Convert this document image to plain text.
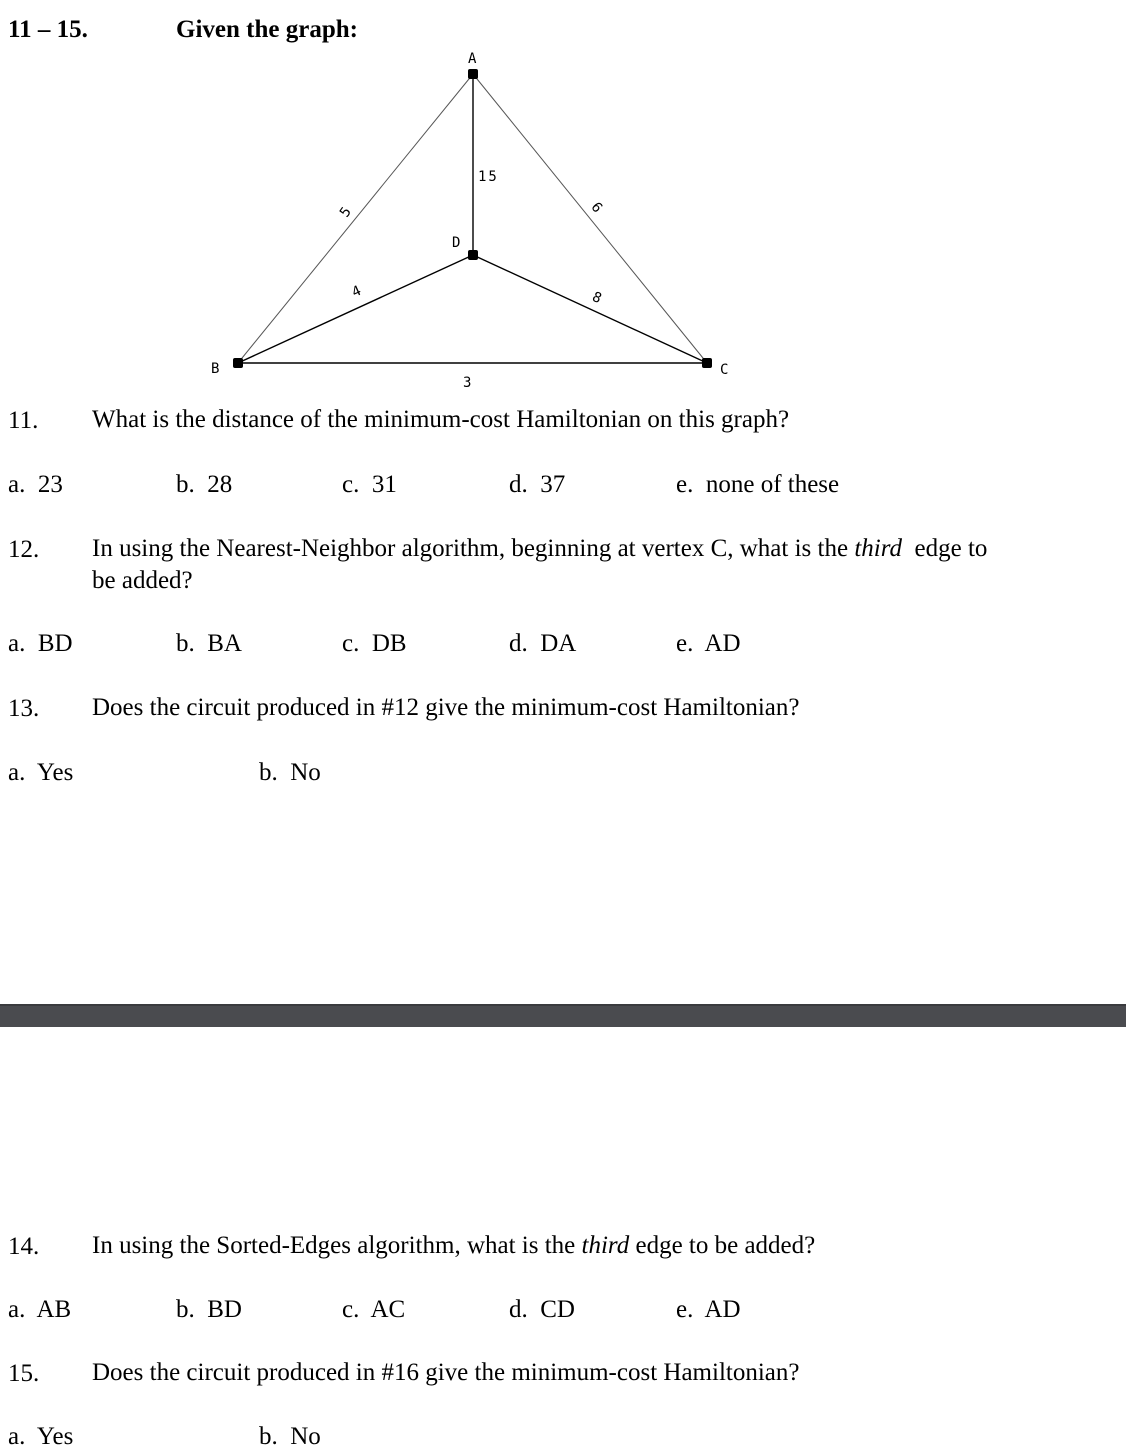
11 – 15.	Given the graph:
A
B	C
D
5	6
15
4	8
3
11. What is the distance of the minimum-cost Hamiltonian on this graph?
a.  23	b.  28	c.  31	d.  37	e.  none of these
12. In using the Nearest-Neighbor algorithm, beginning at vertex C, what is the third  edge to
be added?
a.  BD	b.  BA	c.  DB	d.  DA	e.  AD
13. Does the circuit produced in #12 give the minimum-cost Hamiltonian?
a.  Yes	b.  No
14. In using the Sorted-Edges algorithm, what is the third edge to be added?
a.  AB	b.  BD	c.  AC	d.  CD	e.  AD
15. Does the circuit produced in #16 give the minimum-cost Hamiltonian?
a.  Yes	b.  No
